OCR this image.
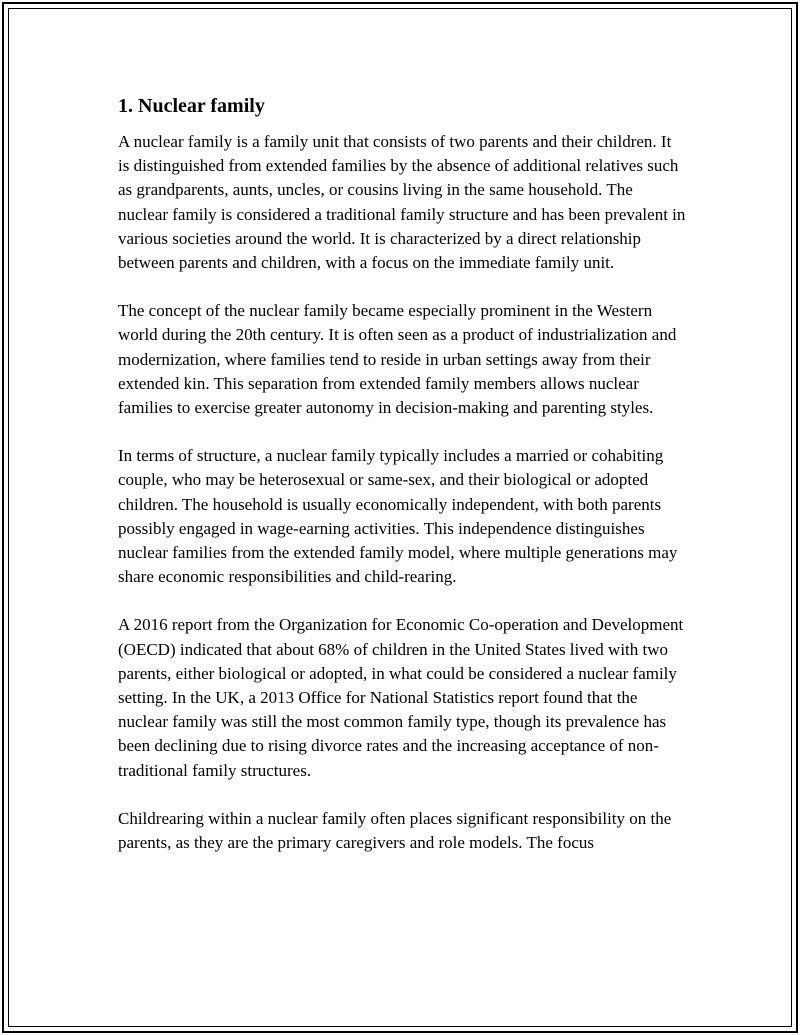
1. Nuclear family

A nuclear family is a family unit that consists of two parents and their children. It is distinguished from extended families by the absence of additional relatives such as grandparents, aunts, uncles, or cousins living in the same household. The nuclear family is considered a traditional family structure and has been prevalent in various societies around the world. It is characterized by a direct relationship between parents and children, with a focus on the immediate family unit.

The concept of the nuclear family became especially prominent in the Western world during the 20th century. It is often seen as a product of industrialization and modernization, where families tend to reside in urban settings away from their extended kin. This separation from extended family members allows nuclear families to exercise greater autonomy in decision-making and parenting styles.

In terms of structure, a nuclear family typically includes a married or cohabiting couple, who may be heterosexual or same-sex, and their biological or adopted children. The household is usually economically independent, with both parents possibly engaged in wage-earning activities. This independence distinguishes nuclear families from the extended family model, where multiple generations may share economic responsibilities and child-rearing.

A 2016 report from the Organization for Economic Co-operation and Development (OECD) indicated that about 68% of children in the United States lived with two parents, either biological or adopted, in what could be considered a nuclear family setting. In the UK, a 2013 Office for National Statistics report found that the nuclear family was still the most common family type, though its prevalence has been declining due to rising divorce rates and the increasing acceptance of non-traditional family structures.

Childrearing within a nuclear family often places significant responsibility on the parents, as they are the primary caregivers and role models. The focus
